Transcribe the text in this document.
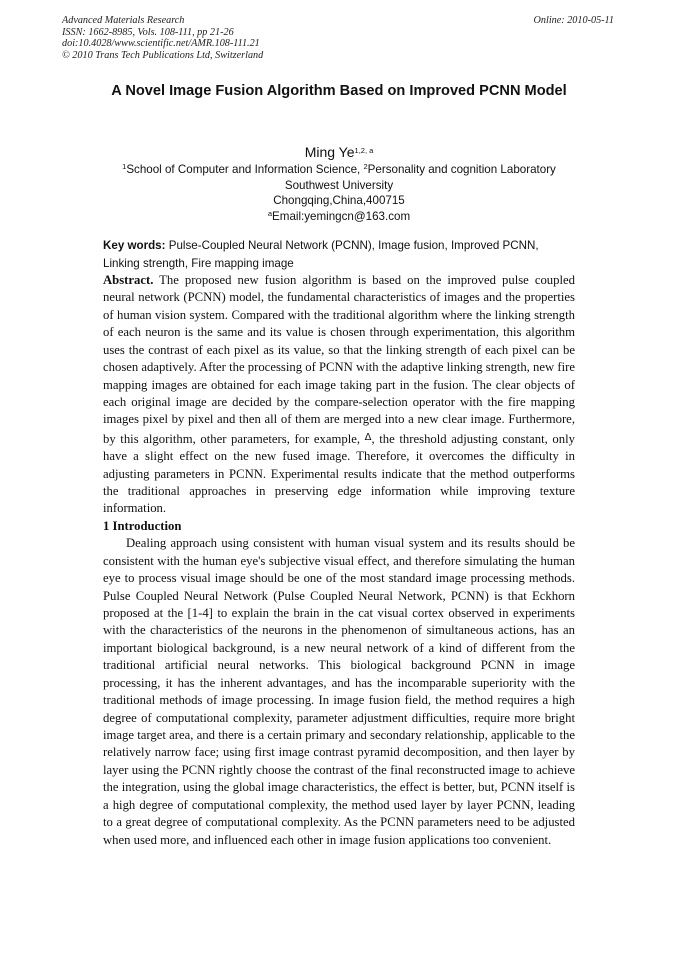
Advanced Materials Research
ISSN: 1662-8985, Vols. 108-111, pp 21-26
doi:10.4028/www.scientific.net/AMR.108-111.21
© 2010 Trans Tech Publications Ltd, Switzerland
Online: 2010-05-11
A Novel Image Fusion Algorithm Based on Improved PCNN Model
Ming Ye$^{1,2, a}$
$^1$School of Computer and Information Science, $^2$Personality and cognition Laboratory
Southwest University
Chongqing,China,400715
$^a$Email:yemingcn@163.com
Key words: Pulse-Coupled Neural Network (PCNN), Image fusion, Improved PCNN, Linking strength, Fire mapping image

Abstract. The proposed new fusion algorithm is based on the improved pulse coupled neural network (PCNN) model, the fundamental characteristics of images and the properties of human vision system. Compared with the traditional algorithm where the linking strength of each neuron is the same and its value is chosen through experimentation, this algorithm uses the contrast of each pixel as its value, so that the linking strength of each pixel can be chosen adaptively. After the processing of PCNN with the adaptive linking strength, new fire mapping images are obtained for each image taking part in the fusion. The clear objects of each original image are decided by the compare-selection operator with the fire mapping images pixel by pixel and then all of them are merged into a new clear image. Furthermore, by this algorithm, other parameters, for example, $^\Delta$, the threshold adjusting constant, only have a slight effect on the new fused image. Therefore, it overcomes the difficulty in adjusting parameters in PCNN. Experimental results indicate that the method outperforms the traditional approaches in preserving edge information while improving texture information.

1 Introduction

Dealing approach using consistent with human visual system and its results should be consistent with the human eye's subjective visual effect, and therefore simulating the human eye to process visual image should be one of the most standard image processing methods. Pulse Coupled Neural Network (Pulse Coupled Neural Network, PCNN) is that Eckhorn proposed at the [1-4] to explain the brain in the cat visual cortex observed in experiments with the characteristics of the neurons in the phenomenon of simultaneous actions, has an important biological background, is a new neural network of a kind of different from the traditional artificial neural networks. This biological background PCNN in image processing, it has the inherent advantages, and has the incomparable superiority with the traditional methods of image processing. In image fusion field, the method requires a high degree of computational complexity, parameter adjustment difficulties, require more bright image target area, and there is a certain primary and secondary relationship, applicable to the relatively narrow face; using first image contrast pyramid decomposition, and then layer by layer using the PCNN rightly choose the contrast of the final reconstructed image to achieve the integration, using the global image characteristics, the effect is better, but, PCNN itself is a high degree of computational complexity, the method used layer by layer PCNN, leading to a great degree of computational complexity. As the PCNN parameters need to be adjusted when used more, and influenced each other in image fusion applications too convenient.
